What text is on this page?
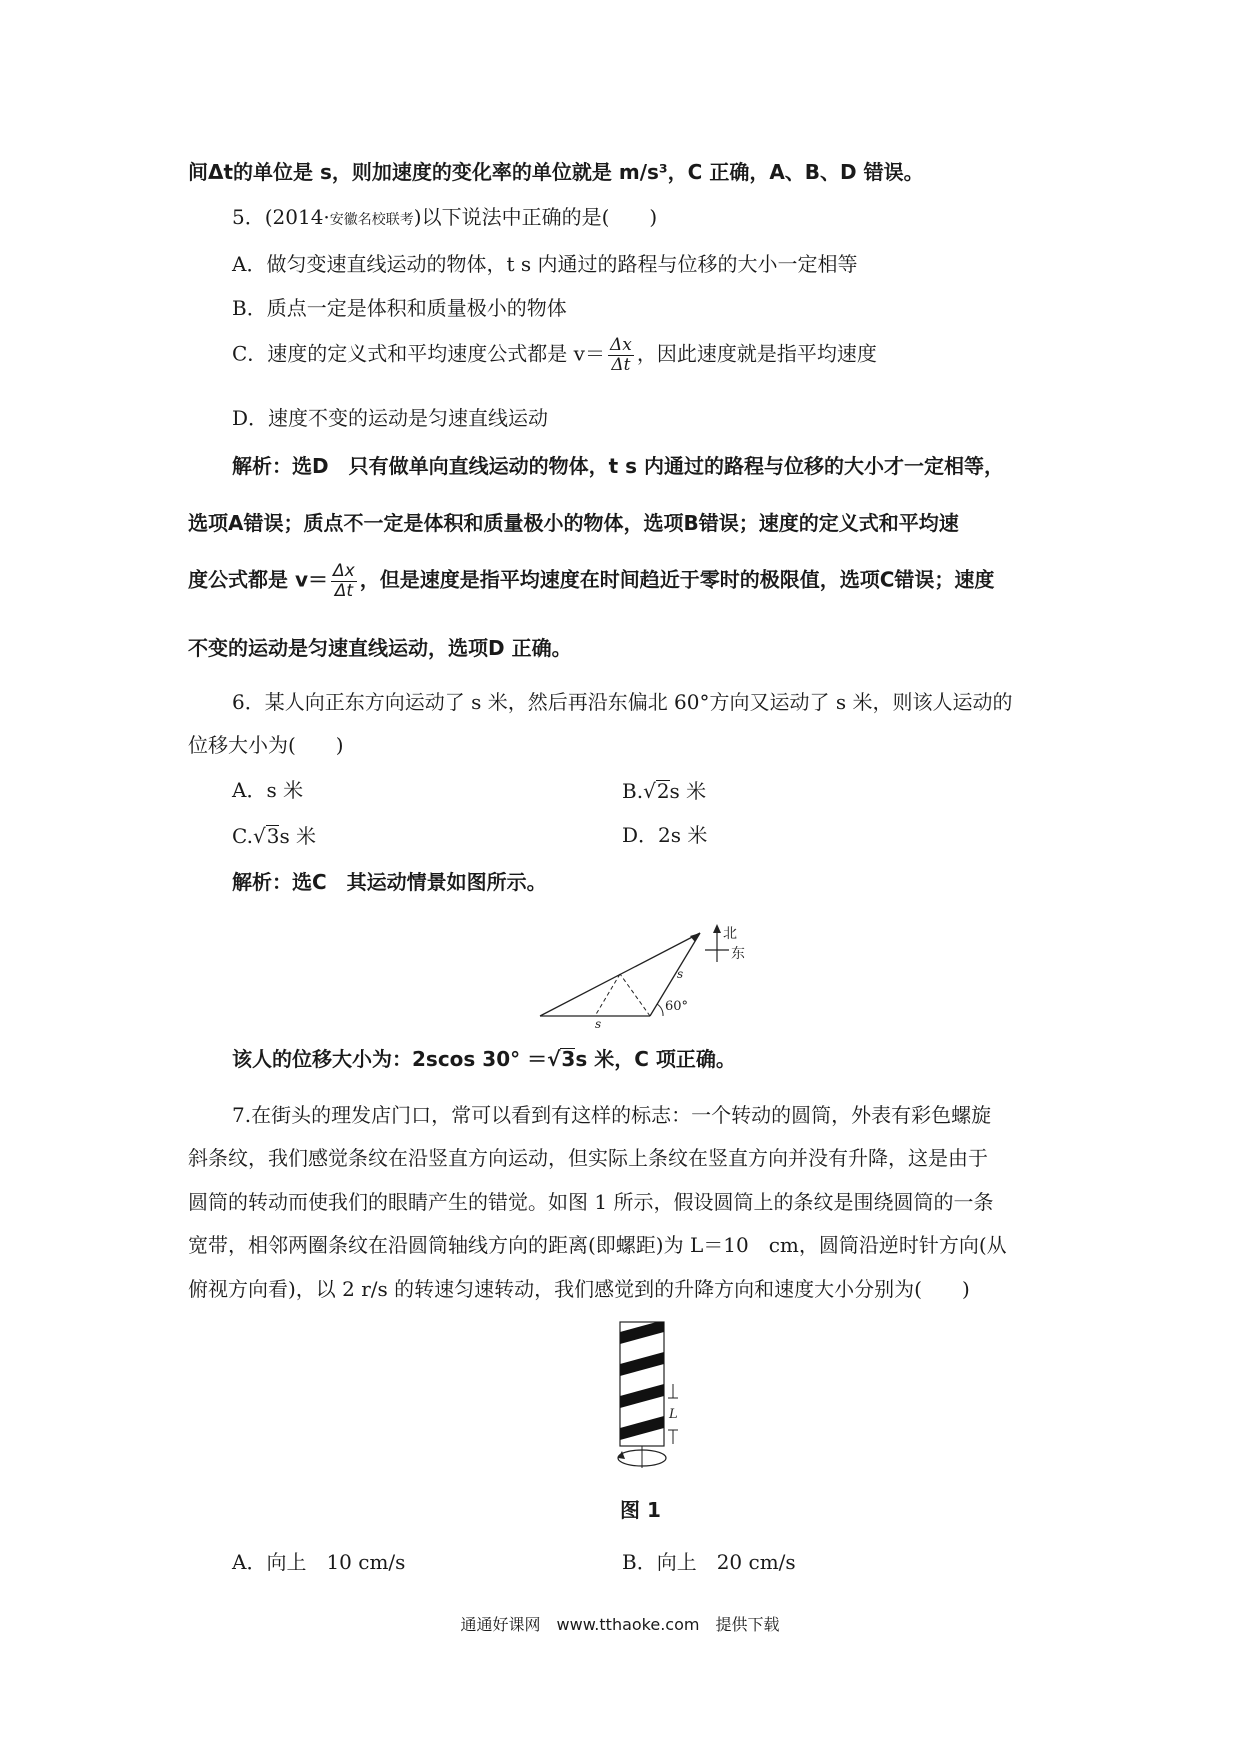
间Δt的单位是 s，则加速度的变化率的单位就是 m/s³，C 正确，A、B、D 错误。
5．(2014·安徽名校联考)以下说法中正确的是(　　)
A．做匀变速直线运动的物体，t s 内通过的路程与位移的大小一定相等
B．质点一定是体积和质量极小的物体
C．速度的定义式和平均速度公式都是 $v= \frac{\Delta x}{\Delta t}$ ，因此速度就是指平均速度
D．速度不变的运动是匀速直线运动
解析：选D　只有做单向直线运动的物体，t s 内通过的路程与位移的大小才一定相等，
选项A错误；质点不一定是体积和质量极小的物体，选项B错误；速度的定义式和平均速
度公式都是 $v= \frac{\Delta x}{\Delta t}$ ，但是速度是指平均速度在时间趋近于零时的极限值，选项C错误；速度
不变的运动是匀速直线运动，选项D 正确。
6．某人向正东方向运动了 s 米，然后再沿东偏北 60°方向又运动了 s 米，则该人运动的
位移大小为(　　)
A．s 米	B.√2s 米
C.√3s 米	D．2s 米
解析：选C　其运动情景如图所示。
60°
s
s
北
东
该人的位移大小为：2scos 30° ＝√3s 米，C 项正确。
7.在街头的理发店门口，常可以看到有这样的标志：一个转动的圆筒，外表有彩色螺旋
斜条纹，我们感觉条纹在沿竖直方向运动，但实际上条纹在竖直方向并没有升降，这是由于
圆筒的转动而使我们的眼睛产生的错觉。如图 1 所示，假设圆筒上的条纹是围绕圆筒的一条
宽带，相邻两圈条纹在沿圆筒轴线方向的距离(即螺距)为 L＝10　cm，圆筒沿逆时针方向(从
俯视方向看)，以 2 r/s 的转速匀速转动，我们感觉到的升降方向和速度大小分别为(　　)
L
图 1
A．向上　10 cm/s	B．向上　20 cm/s
通通好课网　www.tthaoke.com　提供下载
